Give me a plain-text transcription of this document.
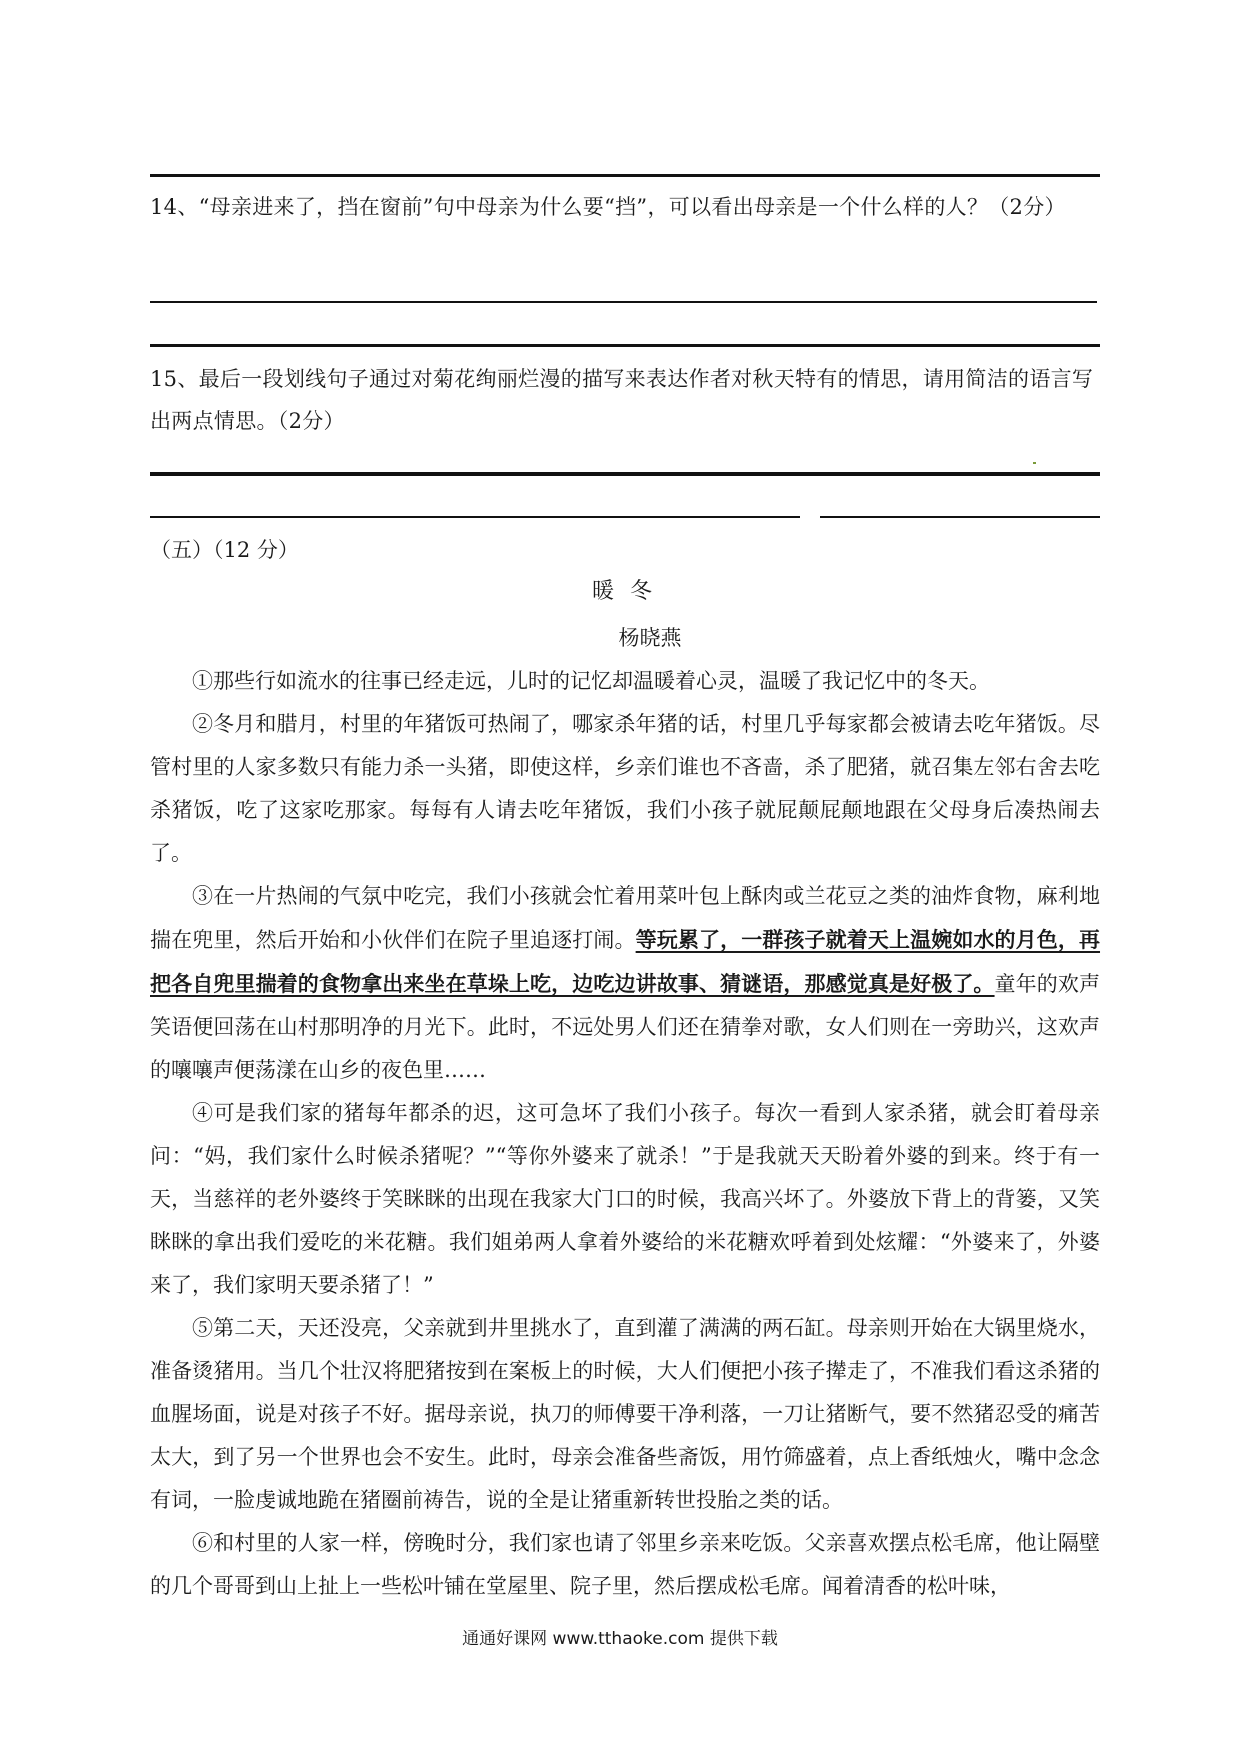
14、“母亲进来了，挡在窗前”句中母亲为什么要“挡”，可以看出母亲是一个什么样的人？（2分）
15、最后一段划线句子通过对菊花绚丽烂漫的描写来表达作者对秋天特有的情思，请用简洁的语言写出两点情思。（2分）
（五）（12 分）
暖冬
杨晓燕

①那些行如流水的往事已经走远，儿时的记忆却温暖着心灵，温暖了我记忆中的冬天。

②冬月和腊月，村里的年猪饭可热闹了，哪家杀年猪的话，村里几乎每家都会被请去吃年猪饭。尽管村里的人家多数只有能力杀一头猪，即使这样，乡亲们谁也不吝啬，杀了肥猪，就召集左邻右舍去吃杀猪饭，吃了这家吃那家。每每有人请去吃年猪饭，我们小孩子就屁颠屁颠地跟在父母身后凑热闹去了。

③在一片热闹的气氛中吃完，我们小孩就会忙着用菜叶包上酥肉或兰花豆之类的油炸食物，麻利地揣在兜里，然后开始和小伙伴们在院子里追逐打闹。等玩累了，一群孩子就着天上温婉如水的月色，再把各自兜里揣着的食物拿出来坐在草垛上吃，边吃边讲故事、猜谜语，那感觉真是好极了。童年的欢声笑语便回荡在山村那明净的月光下。此时，不远处男人们还在猜拳对歌，女人们则在一旁助兴，这欢声的嚷嚷声便荡漾在山乡的夜色里……

④可是我们家的猪每年都杀的迟，这可急坏了我们小孩子。每次一看到人家杀猪，就会盯着母亲问：“妈，我们家什么时候杀猪呢？”“等你外婆来了就杀！”于是我就天天盼着外婆的到来。终于有一天，当慈祥的老外婆终于笑眯眯的出现在我家大门口的时候，我高兴坏了。外婆放下背上的背篓，又笑眯眯的拿出我们爱吃的米花糖。我们姐弟两人拿着外婆给的米花糖欢呼着到处炫耀：“外婆来了，外婆来了，我们家明天要杀猪了！”

⑤第二天，天还没亮，父亲就到井里挑水了，直到灌了满满的两石缸。母亲则开始在大锅里烧水，准备烫猪用。当几个壮汉将肥猪按到在案板上的时候，大人们便把小孩子撵走了，不准我们看这杀猪的血腥场面，说是对孩子不好。据母亲说，执刀的师傅要干净利落，一刀让猪断气，要不然猪忍受的痛苦太大，到了另一个世界也会不安生。此时，母亲会准备些斋饭，用竹筛盛着，点上香纸烛火，嘴中念念有词，一脸虔诚地跪在猪圈前祷告，说的全是让猪重新转世投胎之类的话。

⑥和村里的人家一样，傍晚时分，我们家也请了邻里乡亲来吃饭。父亲喜欢摆点松毛席，他让隔壁的几个哥哥到山上扯上一些松叶铺在堂屋里、院子里，然后摆成松毛席。闻着清香的松叶味，

通通好课网 www.tthaoke.com 提供下载
